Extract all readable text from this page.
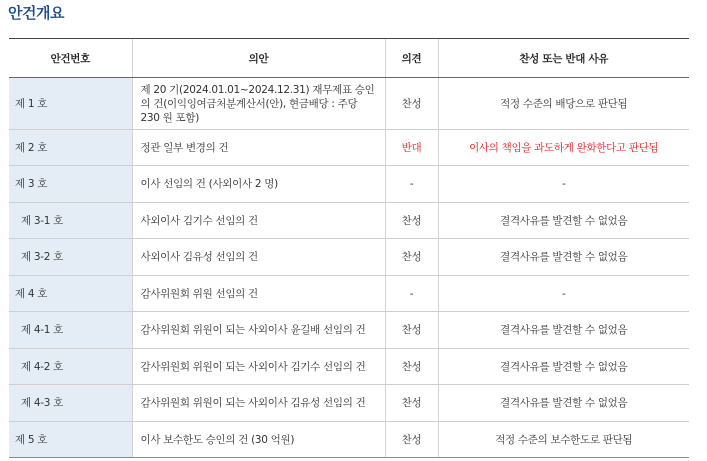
안건개요
안건번호	의안	의견	찬성 또는 반대 사유
제 1 호	제 20 기(2024.01.01~2024.12.31) 재무제표 승인의 건(이익잉여금처분계산서(안), 현금배당 : 주당 230 원 포함)	찬성	적정 수준의 배당으로 판단됨
제 2 호	정관 일부 변경의 건	반대	이사의 책임을 과도하게 완화한다고 판단됨
제 3 호	이사 선임의 건 (사외이사 2 명)	-	-
제 3-1 호	사외이사 김기수 선임의 건	찬성	결격사유를 발견할 수 없었음
제 3-2 호	사외이사 김유성 선임의 건	찬성	결격사유를 발견할 수 없었음
제 4 호	감사위원회 위원 선임의 건	-	-
제 4-1 호	감사위원회 위원이 되는 사외이사 윤길배 선임의 건	찬성	결격사유를 발견할 수 없었음
제 4-2 호	감사위원회 위원이 되는 사외이사 김기수 선임의 건	찬성	결격사유를 발견할 수 없었음
제 4-3 호	감사위원회 위원이 되는 사외이사 김유성 선임의 건	찬성	결격사유를 발견할 수 없었음
제 5 호	이사 보수한도 승인의 건 (30 억원)	찬성	적정 수준의 보수한도로 판단됨
